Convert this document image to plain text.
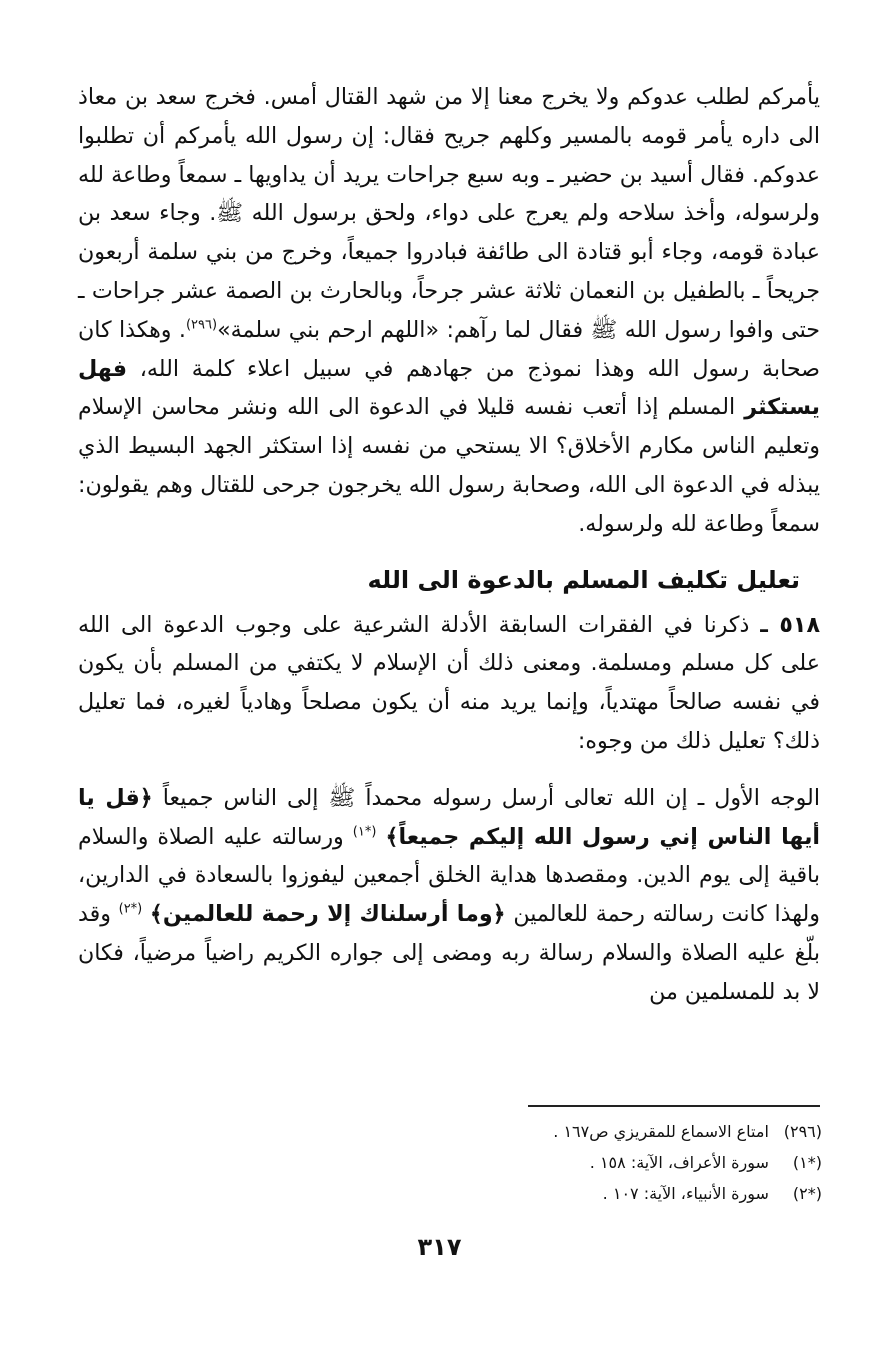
يأمركم لطلب عدوكم ولا يخرج معنا إلا من شهد القتال أمس. فخرج سعد بن معاذ الى داره يأمر قومه بالمسير وكلهم جريح فقال: إن رسول الله يأمركم أن تطلبوا عدوكم. فقال أسيد بن حضير ـ وبه سبع جراحات يريد أن يداويها ـ سمعاً وطاعة لله ولرسوله، وأخذ سلاحه ولم يعرج على دواء، ولحق برسول الله ﷺ. وجاء سعد بن عبادة قومه، وجاء أبو قتادة الى طائفة فبادروا جميعاً، وخرج من بني سلمة أربعون جريحاً ـ بالطفيل بن النعمان ثلاثة عشر جرحاً، وبالحارث بن الصمة عشر جراحات ـ حتى وافوا رسول الله ﷺ فقال لما رآهم: «اللهم ارحم بني سلمة»$^{(٢٩٦)}$. وهكذا كان صحابة رسول الله وهذا نموذج من جهادهم في سبيل اعلاء كلمة الله، فهل يستكثر المسلم إذا أتعب نفسه قليلا في الدعوة الى الله ونشر محاسن الإسلام وتعليم الناس مكارم الأخلاق؟ الا يستحي من نفسه إذا استكثر الجهد البسيط الذي يبذله في الدعوة الى الله، وصحابة رسول الله يخرجون جرحى للقتال وهم يقولون: سمعاً وطاعة لله ولرسوله.

تعليل تكليف المسلم بالدعوة الى الله

٥١٨ ـ ذكرنا في الفقرات السابقة الأدلة الشرعية على وجوب الدعوة الى الله على كل مسلم ومسلمة. ومعنى ذلك أن الإسلام لا يكتفي من المسلم بأن يكون في نفسه صالحاً مهتدياً، وإنما يريد منه أن يكون مصلحاً وهادياً لغيره، فما تعليل ذلك؟ تعليل ذلك من وجوه:

الوجه الأول ـ إن الله تعالى أرسل رسوله محمداً ﷺ إلى الناس جميعاً ﴿قل يا أيها الناس إني رسول الله إليكم جميعاً﴾ $^{(*١)}$ ورسالته عليه الصلاة والسلام باقية إلى يوم الدين. ومقصدها هداية الخلق أجمعين ليفوزوا بالسعادة في الدارين، ولهذا كانت رسالته رحمة للعالمين ﴿وما أرسلناك إلا رحمة للعالمين﴾ $^{(*٢)}$ وقد بلّغ عليه الصلاة والسلام رسالة ربه ومضى إلى جواره الكريم راضياً مرضياً، فكان لا بد للمسلمين من

(٢٩٦) امتاع الاسماع للمقريزي ص١٦٧ .

(*١) سورة الأعراف، الآية: ١٥٨ .

(*٢) سورة الأنبياء، الآية: ١٠٧ .

٣١٧
